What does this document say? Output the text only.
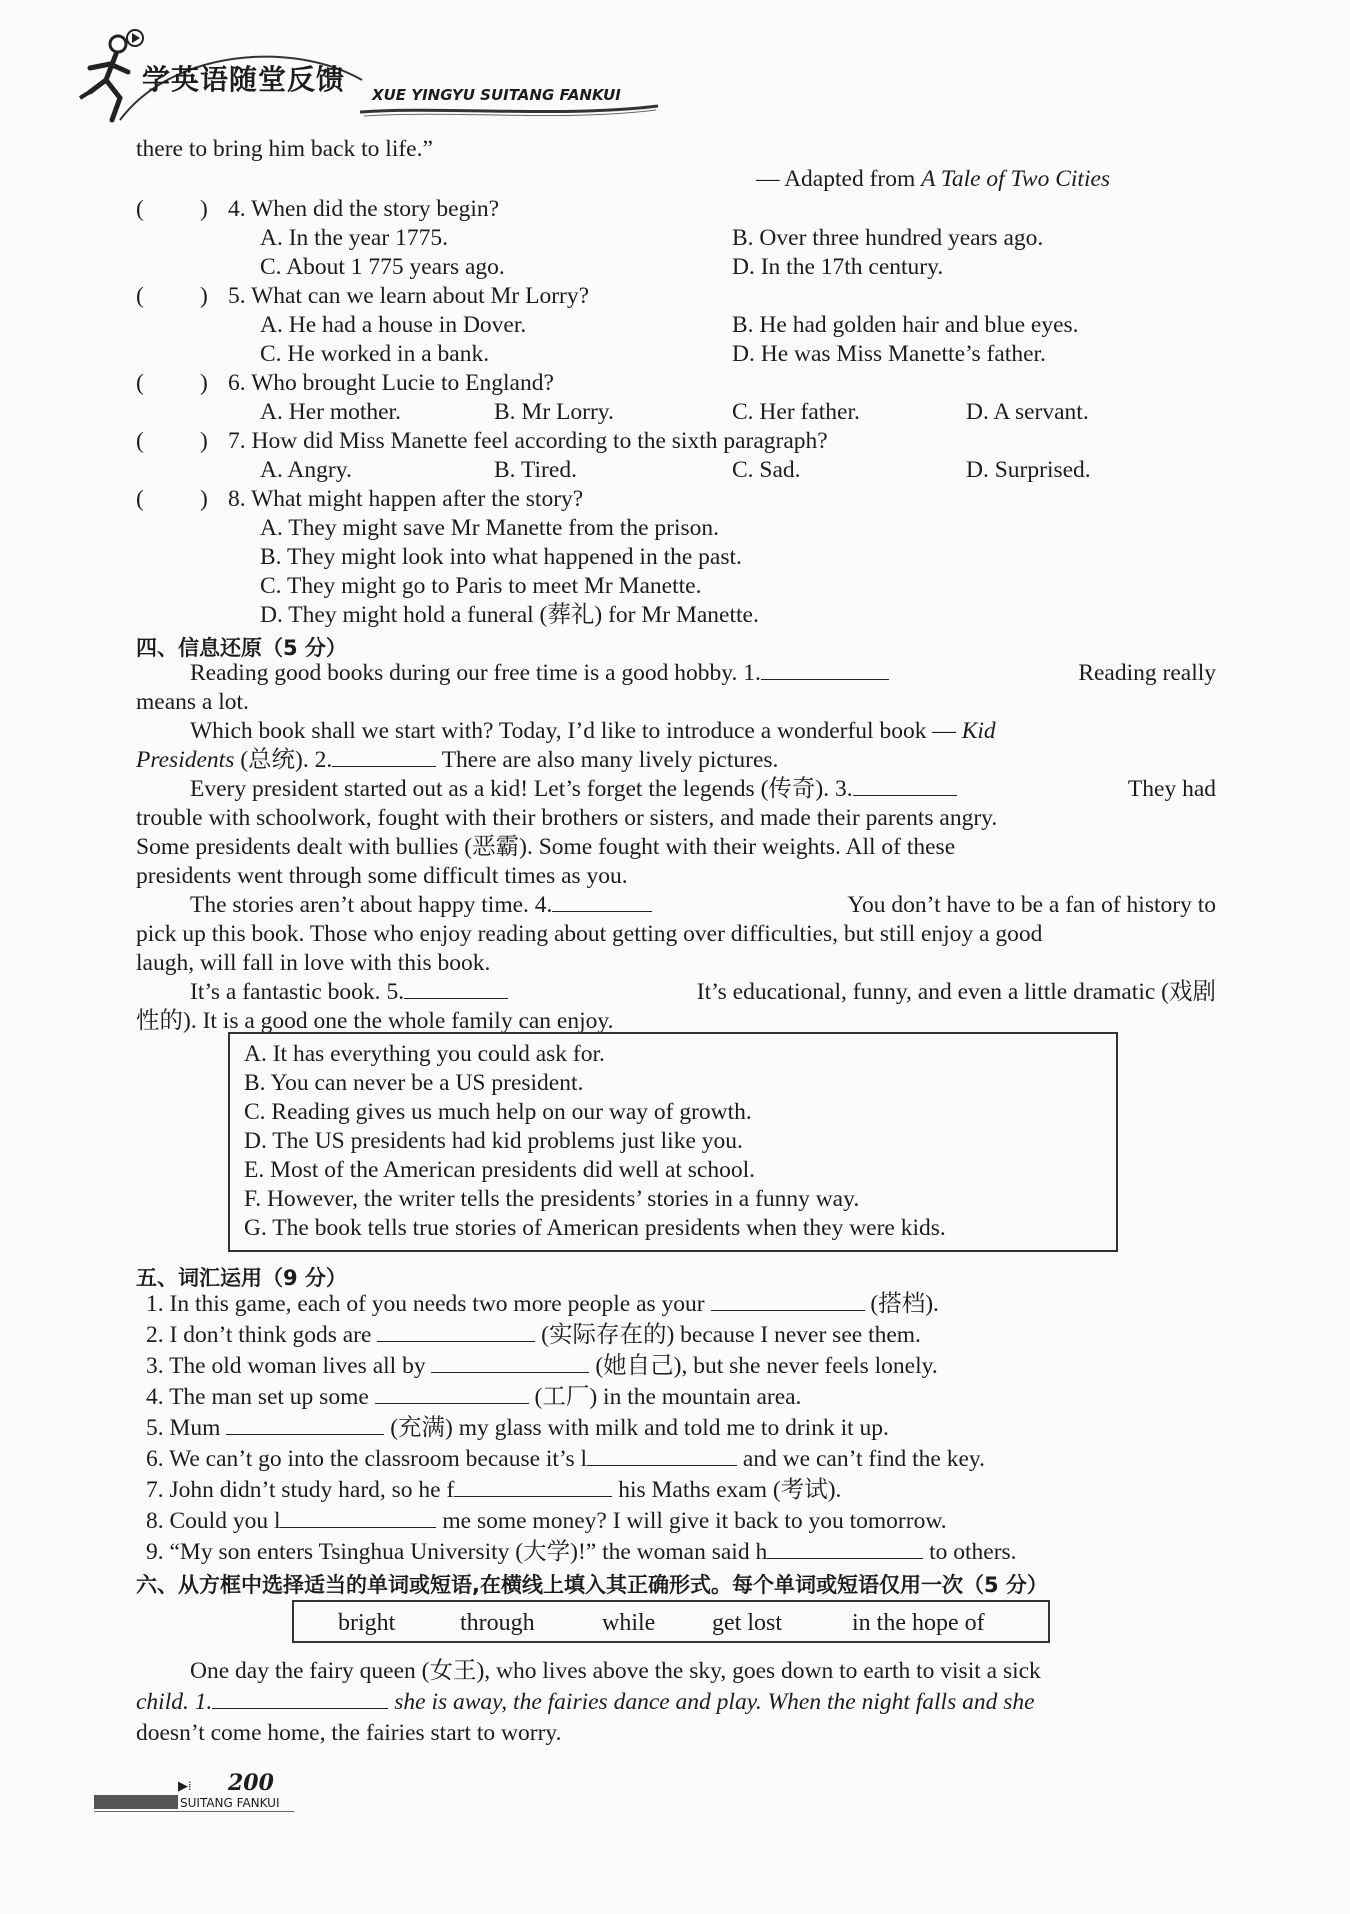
学英语随堂反馈 XUE YINGYU SUITANG FANKUI
there to bring him back to life.”
— Adapted from A Tale of Two Cities
( ) 4. When did the story begin?
A. In the year 1775.	B. Over three hundred years ago.
C. About 1 775 years ago.	D. In the 17th century.
( ) 5. What can we learn about Mr Lorry?
A. He had a house in Dover.	B. He had golden hair and blue eyes.
C. He worked in a bank.	D. He was Miss Manette’s father.
( ) 6. Who brought Lucie to England?
A. Her mother.	B. Mr Lorry.	C. Her father.	D. A servant.
( ) 7. How did Miss Manette feel according to the sixth paragraph?
A. Angry.	B. Tired.	C. Sad.	D. Surprised.
( ) 8. What might happen after the story?
A. They might save Mr Manette from the prison.
B. They might look into what happened in the past.
C. They might go to Paris to meet Mr Manette.
D. They might hold a funeral (葬礼) for Mr Manette.
四、信息还原（5 分）
Reading good books during our free time is a good hobby. 1.	Reading really

means a lot.
Which book shall we start with? Today, I’d like to introduce a wonderful book — Kid
Presidents (总统). 2.	There are also many lively pictures.
Every president started out as a kid! Let’s forget the legends (传奇). 3.	They had

trouble with schoolwork, fought with their brothers or sisters, and made their parents angry.
Some presidents dealt with bullies (恶霸). Some fought with their weights. All of these
presidents went through some difficult times as you.
The stories aren’t about happy time. 4.	You don’t have to be a fan of history to

pick up this book. Those who enjoy reading about getting over difficulties, but still enjoy a good
laugh, will fall in love with this book.
It’s a fantastic book. 5.	It’s educational, funny, and even a little dramatic (戏剧

性的). It is a good one the whole family can enjoy.
A. It has everything you could ask for.
B. You can never be a US president.
C. Reading gives us much help on our way of growth.
D. The US presidents had kid problems just like you.
E. Most of the American presidents did well at school.
F. However, the writer tells the presidents’ stories in a funny way.
G. The book tells true stories of American presidents when they were kids.
五、词汇运用（9 分）
1. In this game, each of you needs two more people as your	(搭档).
2. I don’t think gods are	(实际存在的) because I never see them.
3. The old woman lives all by	(她自己), but she never feels lonely.
4. The man set up some	(工厂) in the mountain area.
5. Mum	(充满) my glass with milk and told me to drink it up.
6. We can’t go into the classroom because it’s l	and we can’t find the key.
7. John didn’t study hard, so he f	his Maths exam (考试).
8. Could you l	me some money? I will give it back to you tomorrow.
9. “My son enters Tsinghua University (大学)!” the woman said h	to others.
六、从方框中选择适当的单词或短语,在横线上填入其正确形式。每个单词或短语仅用一次（5 分）
bright	through	while get lost	in the hope of
One day the fairy queen (女王), who lives above the sky, goes down to earth to visit a sick
child. 1.	she is away, the fairies dance and play. When the night falls and she
doesn’t come home, the fairies start to worry.
▶⁞ 200
SUITANG FANKUI
